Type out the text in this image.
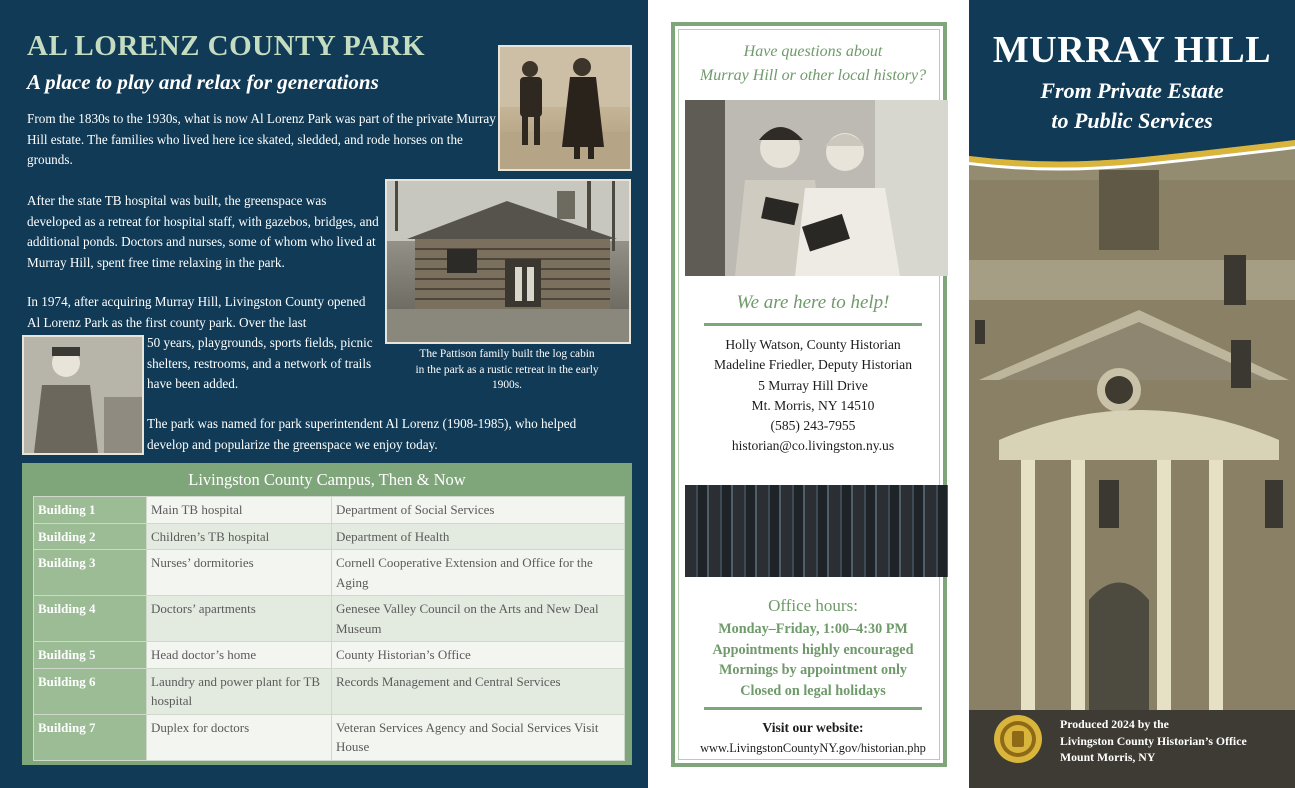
AL LORENZ COUNTY PARK
A place to play and relax for generations
From the 1830s to the 1930s, what is now Al Lorenz Park was part of the private Murray Hill estate. The families who lived here ice skated, sledded, and rode horses on the grounds.
After the state TB hospital was built, the greenspace was developed as a retreat for hospital staff, with gazebos, bridges, and additional ponds. Doctors and nurses, some of whom who lived at Murray Hill, spent free time relaxing in the park.
In 1974, after acquiring Murray Hill, Livingston County opened Al Lorenz Park as the first county park. Over the last
50 years, playgrounds, sports fields, picnic shelters, restrooms, and a network of trails have been added.
The Pattison family built the log cabin in the park as a rustic retreat in the early 1900s.
The park was named for park superintendent Al Lorenz (1908-1985), who helped develop and popularize the greenspace we enjoy today.
Livingston County Campus, Then & Now
Building 1	Main TB hospital	Department of Social Services
Building 2	Children’s TB hospital	Department of Health
Building 3	Nurses’ dormitories	Cornell Cooperative Extension and Office for the Aging
Building 4	Doctors’ apartments	Genesee Valley Council on the Arts and New Deal Museum
Building 5	Head doctor’s home	County Historian’s Office
Building 6	Laundry and power plant for TB hospital	Records Management and Central Services
Building 7	Duplex for doctors	Veteran Services Agency and Social Services Visit House
Have questions about
Murray Hill or other local history?
We are here to help!
Holly Watson, County Historian
Madeline Friedler, Deputy Historian
5 Murray Hill Drive
Mt. Morris, NY 14510
(585) 243-7955
historian@co.livingston.ny.us
Office hours:
Monday–Friday, 1:00–4:30 PM
Appointments highly encouraged
Mornings by appointment only
Closed on legal holidays
Visit our website:
www.LivingstonCountyNY.gov/historian.php
MURRAY HILL
From Private Estate
to Public Services
Produced 2024 by the
Livingston County Historian’s Office
Mount Morris, NY
